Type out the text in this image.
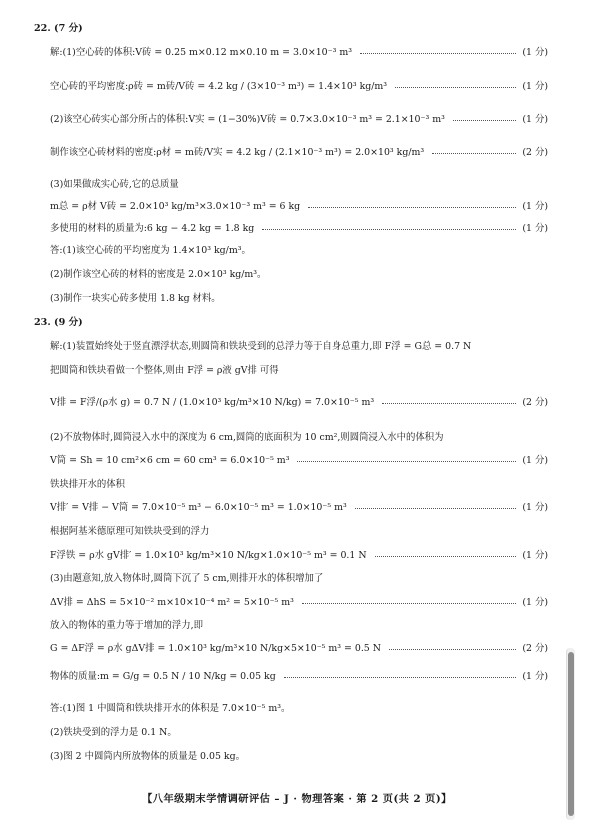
22. (7 分)
解:(1)空心砖的体积:V砖 = 0.25 m×0.12 m×0.10 m = 3.0×10⁻³ m³	(1 分)
空心砖的平均密度:ρ砖 = m砖/V砖 = 4.2 kg / (3×10⁻³ m³) = 1.4×10³ kg/m³	(1 分)
(2)该空心砖实心部分所占的体积:V实 = (1−30%)V砖 = 0.7×3.0×10⁻³ m³ = 2.1×10⁻³ m³	(1 分)
制作该空心砖材料的密度:ρ材 = m砖/V实 = 4.2 kg / (2.1×10⁻³ m³) = 2.0×10³ kg/m³	(2 分)
(3)如果做成实心砖,它的总质量
m总 = ρ材 V砖 = 2.0×10³ kg/m³×3.0×10⁻³ m³ = 6 kg	(1 分)
多使用的材料的质量为:6 kg − 4.2 kg = 1.8 kg	(1 分)
答:(1)该空心砖的平均密度为 1.4×10³ kg/m³。
(2)制作该空心砖的材料的密度是 2.0×10³ kg/m³。
(3)制作一块实心砖多使用 1.8 kg 材料。
23. (9 分)
解:(1)装置始终处于竖直漂浮状态,则圆筒和铁块受到的总浮力等于自身总重力,即 F浮 = G总 = 0.7 N
把圆筒和铁块看做一个整体,则由 F浮 = ρ液 gV排 可得
V排 = F浮/(ρ水 g) = 0.7 N / (1.0×10³ kg/m³×10 N/kg) = 7.0×10⁻⁵ m³	(2 分)
(2)不放物体时,圆筒浸入水中的深度为 6 cm,圆筒的底面积为 10 cm²,则圆筒浸入水中的体积为
V筒 = Sh = 10 cm²×6 cm = 60 cm³ = 6.0×10⁻⁵ m³	(1 分)
铁块排开水的体积
V排′ = V排 − V筒 = 7.0×10⁻⁵ m³ − 6.0×10⁻⁵ m³ = 1.0×10⁻⁵ m³	(1 分)
根据阿基米德原理可知铁块受到的浮力
F浮铁 = ρ水 gV排′ = 1.0×10³ kg/m³×10 N/kg×1.0×10⁻⁵ m³ = 0.1 N	(1 分)
(3)由题意知,放入物体时,圆筒下沉了 5 cm,则排开水的体积增加了
ΔV排 = ΔhS = 5×10⁻² m×10×10⁻⁴ m² = 5×10⁻⁵ m³	(1 分)
放入的物体的重力等于增加的浮力,即
G = ΔF浮 = ρ水 gΔV排 = 1.0×10³ kg/m³×10 N/kg×5×10⁻⁵ m³ = 0.5 N	(2 分)
物体的质量:m = G/g = 0.5 N / 10 N/kg = 0.05 kg	(1 分)
答:(1)图 1 中圆筒和铁块排开水的体积是 7.0×10⁻⁵ m³。
(2)铁块受到的浮力是 0.1 N。
(3)图 2 中圆筒内所放物体的质量是 0.05 kg。
【八年级期末学情调研评估 – J · 物理答案 · 第 2 页(共 2 页)】
